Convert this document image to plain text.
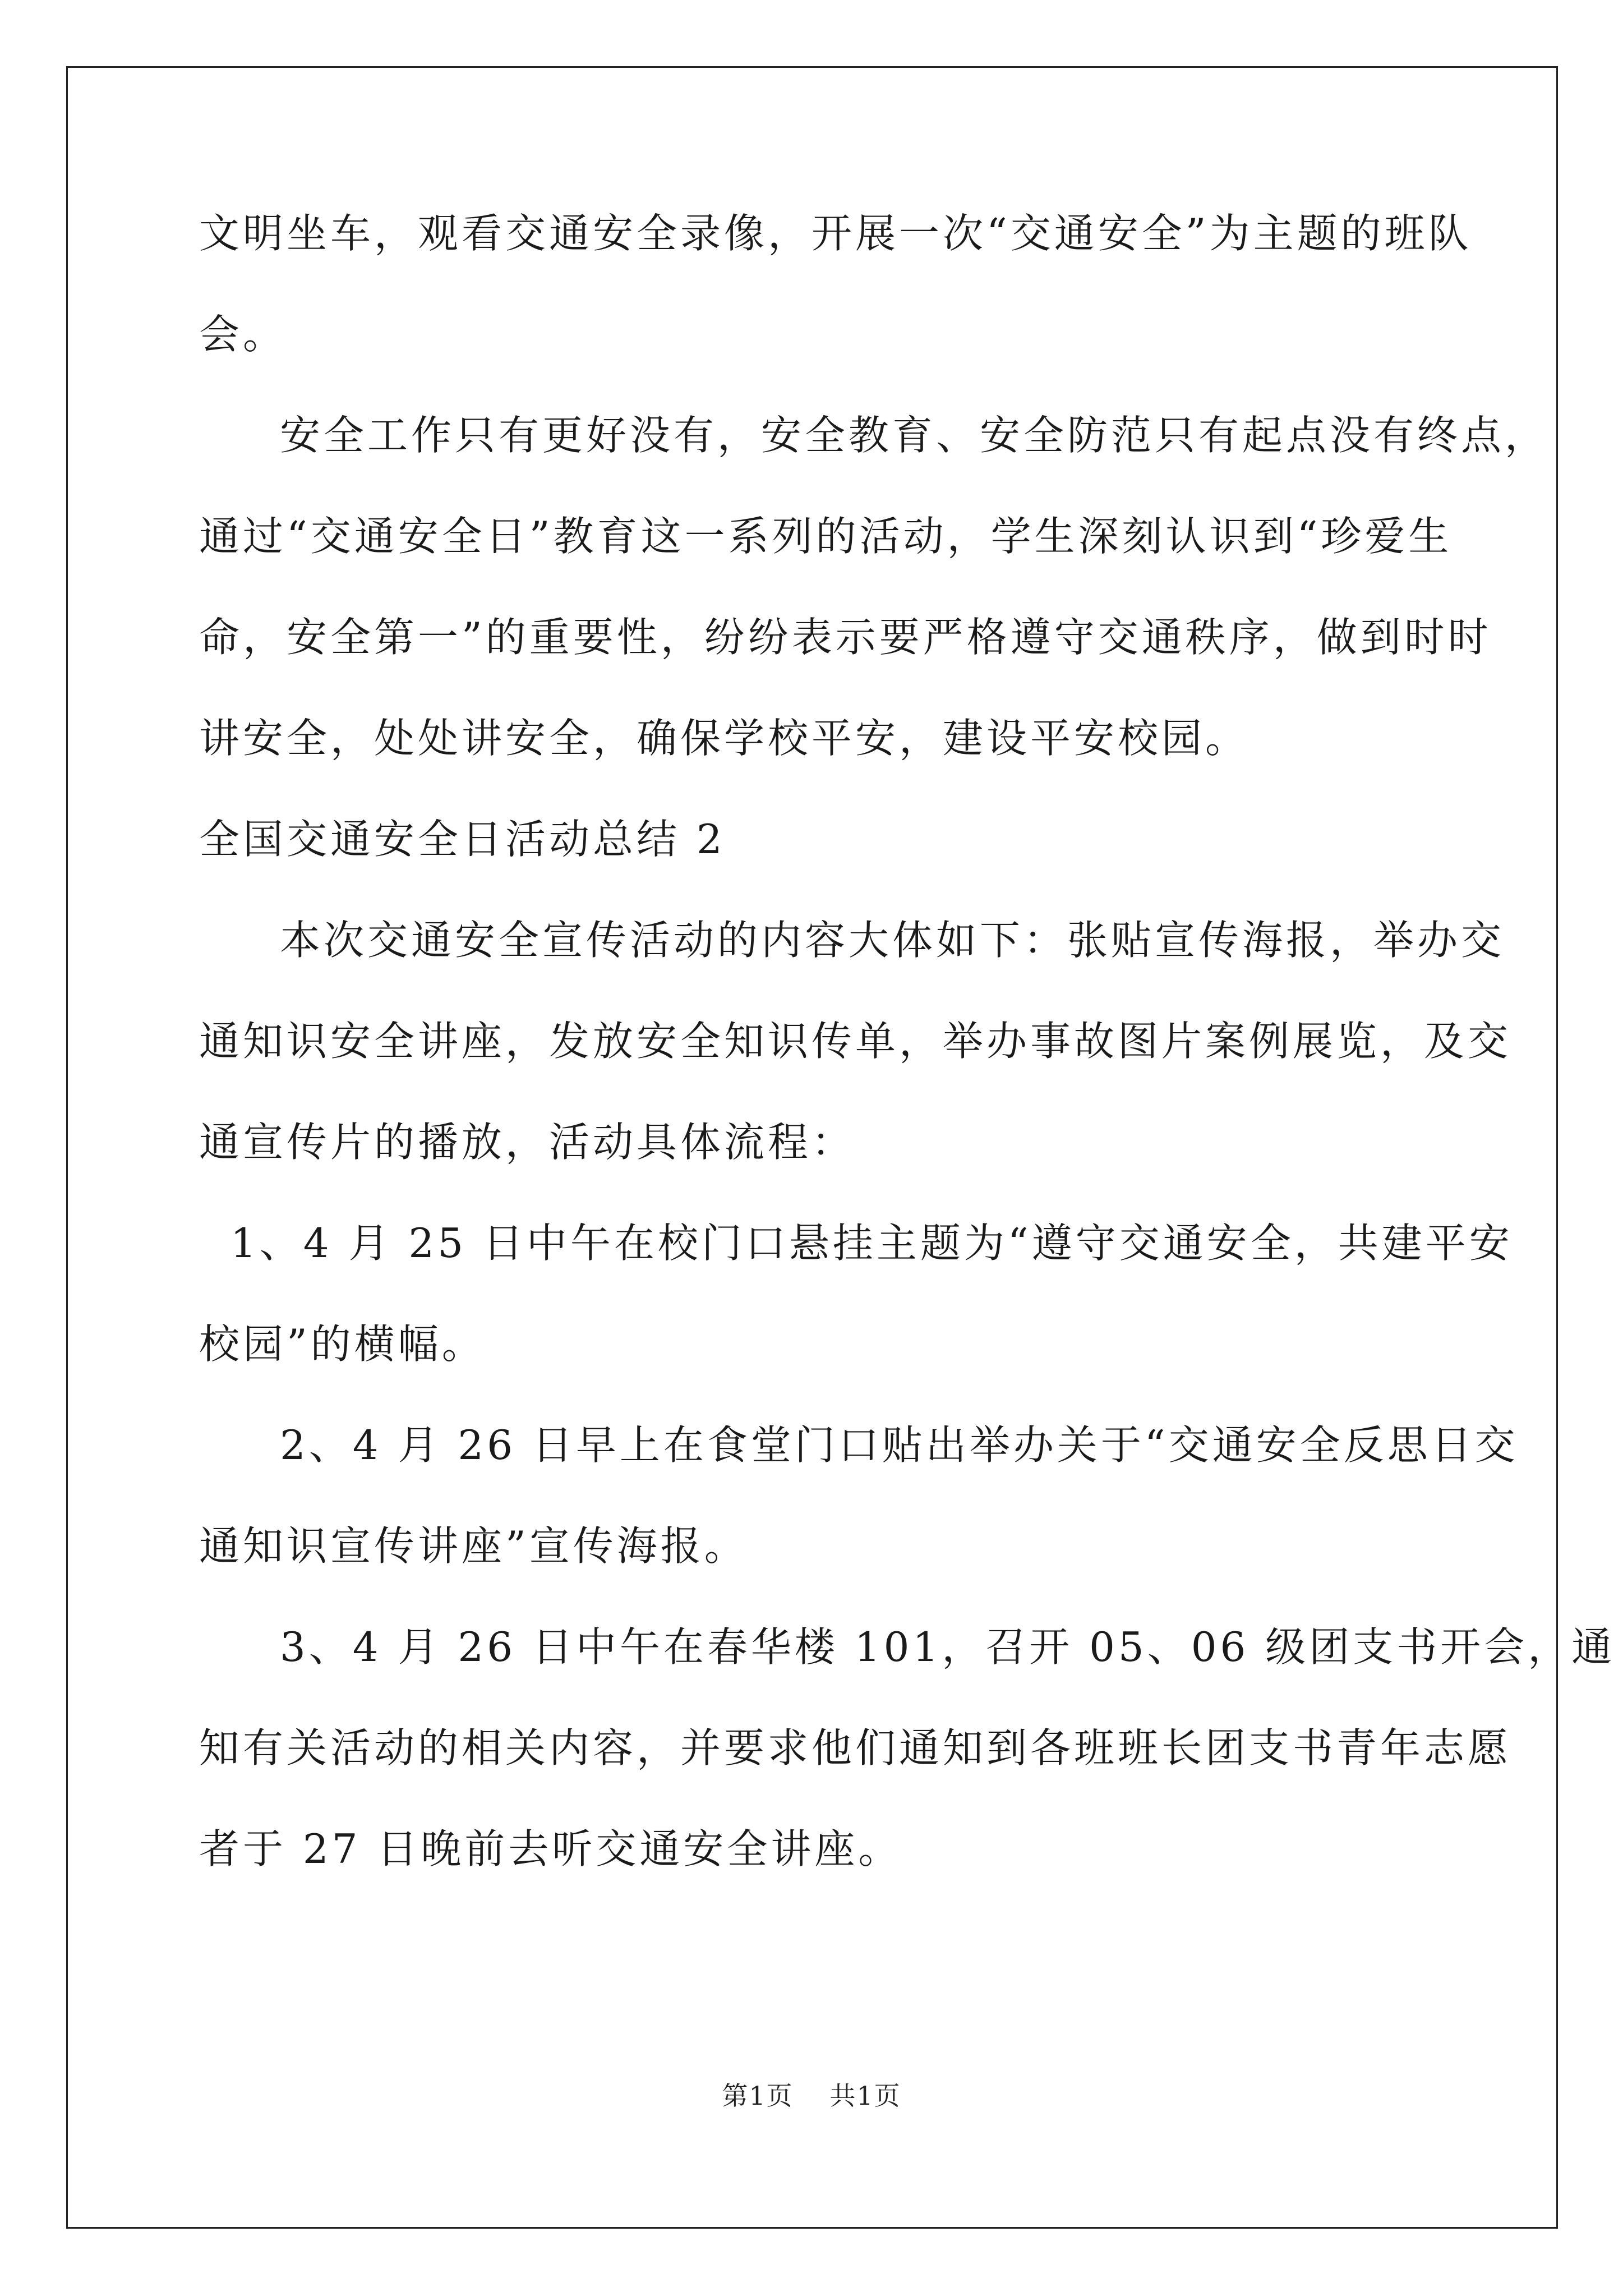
文明坐车，观看交通安全录像，开展一次“交通安全”为主题的班队
会。
安全工作只有更好没有，安全教育、安全防范只有起点没有终点，
通过“交通安全日”教育这一系列的活动，学生深刻认识到“珍爱生
命，安全第一”的重要性，纷纷表示要严格遵守交通秩序，做到时时
讲安全，处处讲安全，确保学校平安，建设平安校园。
全国交通安全日活动总结 2
本次交通安全宣传活动的内容大体如下：张贴宣传海报，举办交
通知识安全讲座，发放安全知识传单，举办事故图片案例展览，及交
通宣传片的播放，活动具体流程：
1、4 月 25 日中午在校门口悬挂主题为“遵守交通安全，共建平安
校园”的横幅。
2、4 月 26 日早上在食堂门口贴出举办关于“交通安全反思日交
通知识宣传讲座”宣传海报。
3、4 月 26 日中午在春华楼 101，召开 05、06 级团支书开会，通
知有关活动的相关内容，并要求他们通知到各班班长团支书青年志愿
者于 27 日晚前去听交通安全讲座。
第1页 共1页
